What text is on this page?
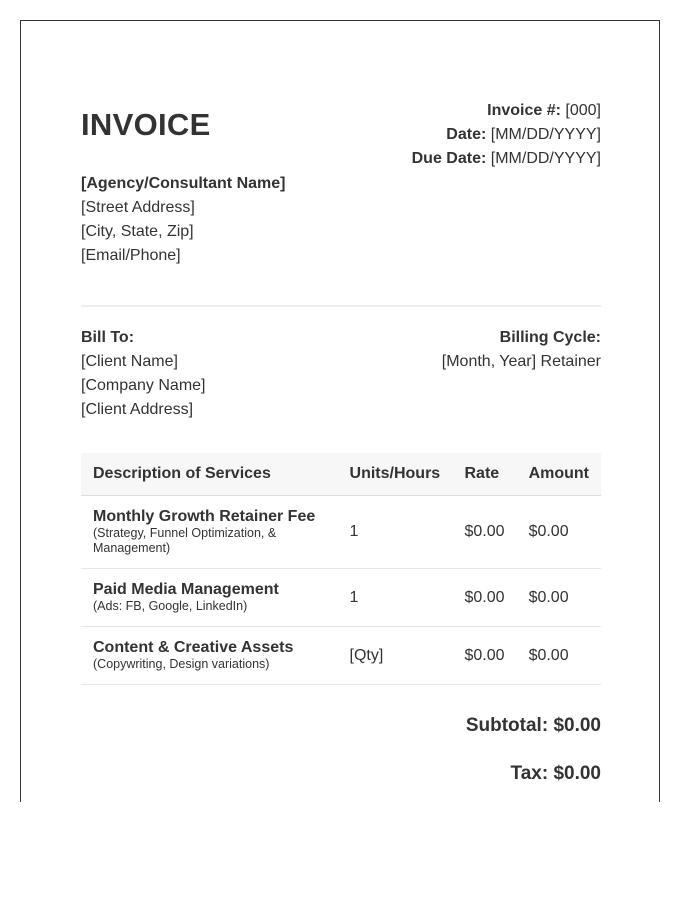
INVOICE	Invoice #: [000]
Date: [MM/DD/YYYY]
Due Date: [MM/DD/YYYY]
[Agency/Consultant Name]
[Street Address]
[City, State, Zip]
[Email/Phone]
Bill To:
[Client Name]
[Company Name]
[Client Address]
Billing Cycle:
[Month, Year] Retainer
Description of Services	Units/Hours	Rate	Amount

Monthly Growth Retainer Fee
(Strategy, Funnel Optimization, & Management)	1	$0.00	$0.00

Paid Media Management
(Ads: FB, Google, LinkedIn)	1	$0.00	$0.00

Content & Creative Assets
(Copywriting, Design variations)	[Qty]	$0.00	$0.00
Subtotal: $0.00
Tax: $0.00
